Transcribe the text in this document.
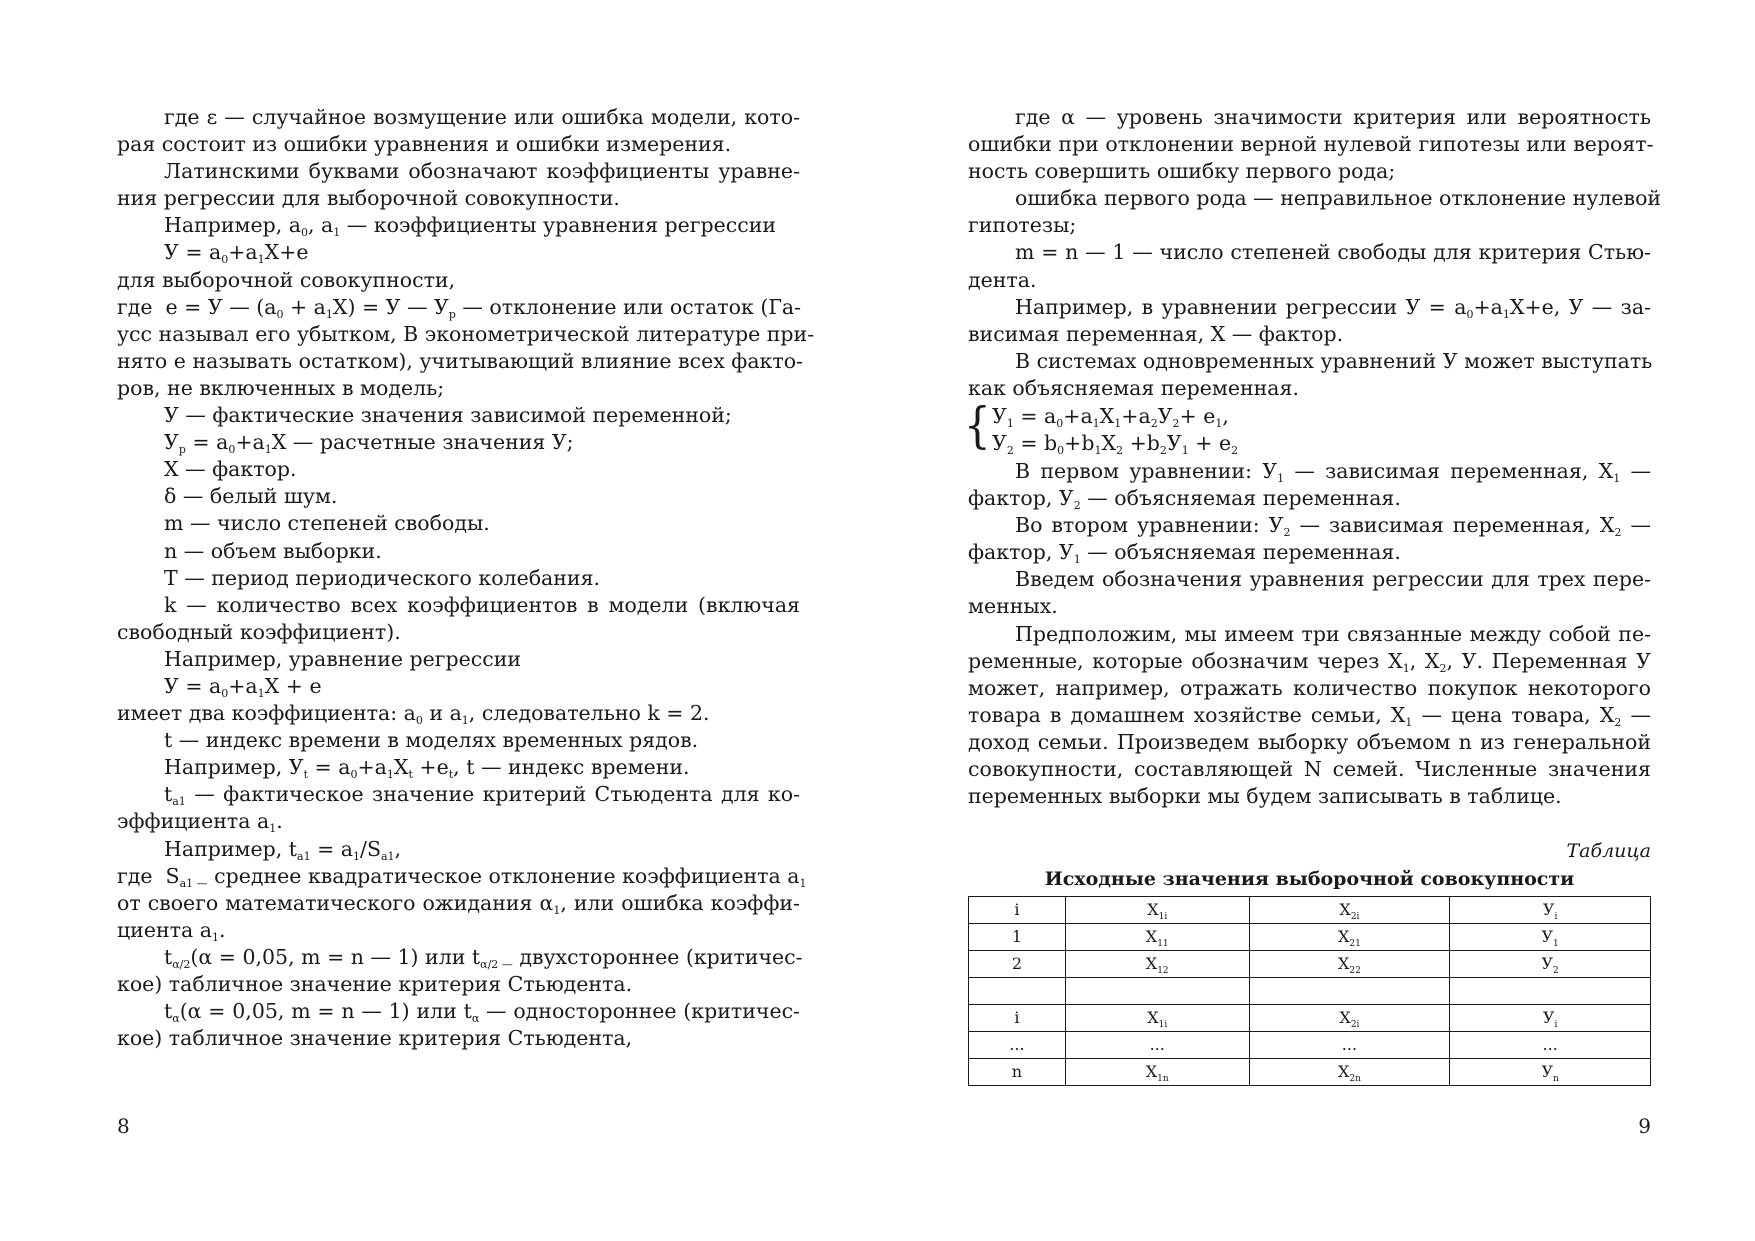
где ε — случайное возмущение или ошибка модели, кото-
рая состоит из ошибки уравнения и ошибки измерения.
Латинскими буквами обозначают коэффициенты уравне-
ния регрессии для выборочной совокупности.
Например, $a_0$, $a_1$ — коэффициенты уравнения регрессии
$У = a_0+a_1X+e$
для выборочной совокупности,
где  e = У — $(a_0 + a_1X) = У$ — $У_р$ — отклонение или остаток (Га-
усс называл его убытком, В эконометрической литературе при-
нято e называть остатком), учитывающий влияние всех факто-
ров, не включенных в модель;
У — фактические значения зависимой переменной;
$У_р = a_0+a_1X$ — расчетные значения У;
X — фактор.
δ — белый шум.
m — число степеней свободы.
n — объем выборки.
T — период периодического колебания.
k — количество всех коэффициентов в модели (включая
свободный коэффициент).
Например, уравнение регрессии
$У = a_0+a_1X + e$
имеет два коэффициента: $a_0$ и $a_1$, следовательно k = 2.
t — индекс времени в моделях временных рядов.
Например, $У_t = a_0+a_1X_t +e_t$, t — индекс времени.
$t_{a1}$ — фактическое значение критерий Стьюдента для ко-
эффициента $a_1$.
Например, $t_{a1} = a_1/S_{a1}$,
где  $S_{a1 —}$ среднее квадратическое отклонение коэффициента $a_1$
от своего математического ожидания $\alpha_1$, или ошибка коэффи-
циента $a_1$.
$t_{\alpha/2}(\alpha = 0,05$, m = n — 1) или $t_{\alpha/2 —}$ двухстороннее (критичес-
кое) табличное значение критерия Стьюдента.
$t_\alpha(\alpha = 0,05$, m = n — 1) или $t_\alpha$ — одностороннее (критичес-
кое) табличное значение критерия Стьюдента,
8
где α — уровень значимости критерия или вероятность
ошибки при отклонении верной нулевой гипотезы или вероят-
ность совершить ошибку первого рода;
ошибка первого рода — неправильное отклонение нулевой
гипотезы;
m = n — 1 — число степеней свободы для критерия Стью-
дента.
Например, в уравнении регрессии $У = a_0+a_1X+e$, У — за-
висимая переменная, X — фактор.
В системах одновременных уравнений У может выступать
как объясняемая переменная.
{ $У_1 = a_0+a_1X_1+a_2У_2+ e_1$,
$У_2 = b_0+b_1X_2 +b_2У_1 + e_2$
В первом уравнении: $У_1$ — зависимая переменная, $X_1$ —
фактор, $У_2$ — объясняемая переменная.
Во втором уравнении: $У_2$ — зависимая переменная, $X_2$ —
фактор, $У_1$ — объясняемая переменная.
Введем обозначения уравнения регрессии для трех пере-
менных.
Предположим, мы имеем три связанные между собой пе-
ременные, которые обозначим через $X_1$, $X_2$, У. Переменная У
может, например, отражать количество покупок некоторого
товара в домашнем хозяйстве семьи, $X_1$ — цена товара, $X_2$ —
доход семьи. Произведем выборку объемом n из генеральной
совокупности, составляющей N семей. Численные значения
переменных выборки мы будем записывать в таблице.
Таблица
Исходные значения выборочной совокупности
i	$X_{1i}$	$X_{2i}$	$У_i$
1	$X_{11}$	$X_{21}$	$У_1$
2	$X_{12}$	$X_{22}$	$У_2$

i	$X_{1i}$	$X_{2i}$	$У_i$
...	...	...	...
n	$X_{1n}$	$X_{2n}$	$У_n$
9
